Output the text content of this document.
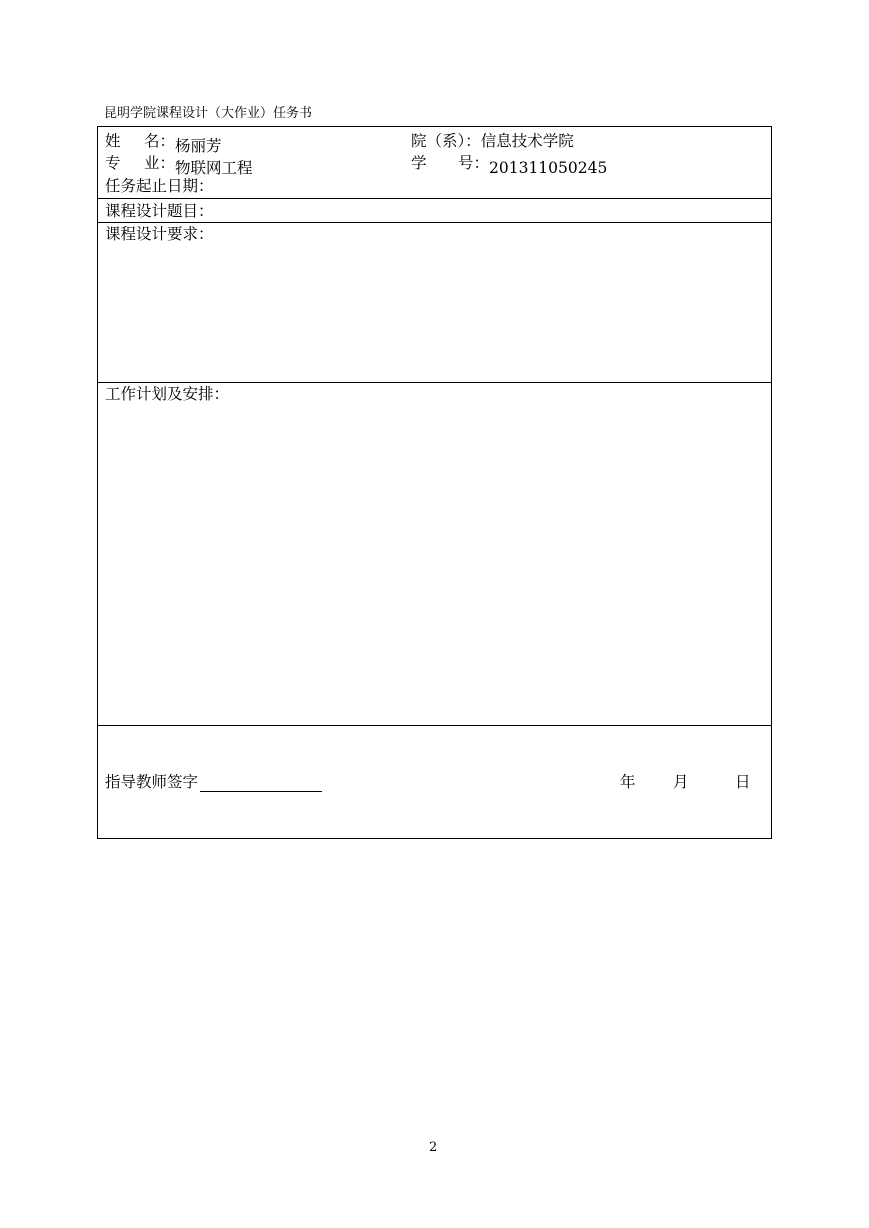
昆明学院课程设计（大作业）任务书
姓 名： 杨丽芳	院（系）：信息技术学院
专 业： 物联网工程	学 号： 201311050245
任务起止日期：
课程设计题目：
课程设计要求：
工作计划及安排：
指导教师签字	年 月	日
2
